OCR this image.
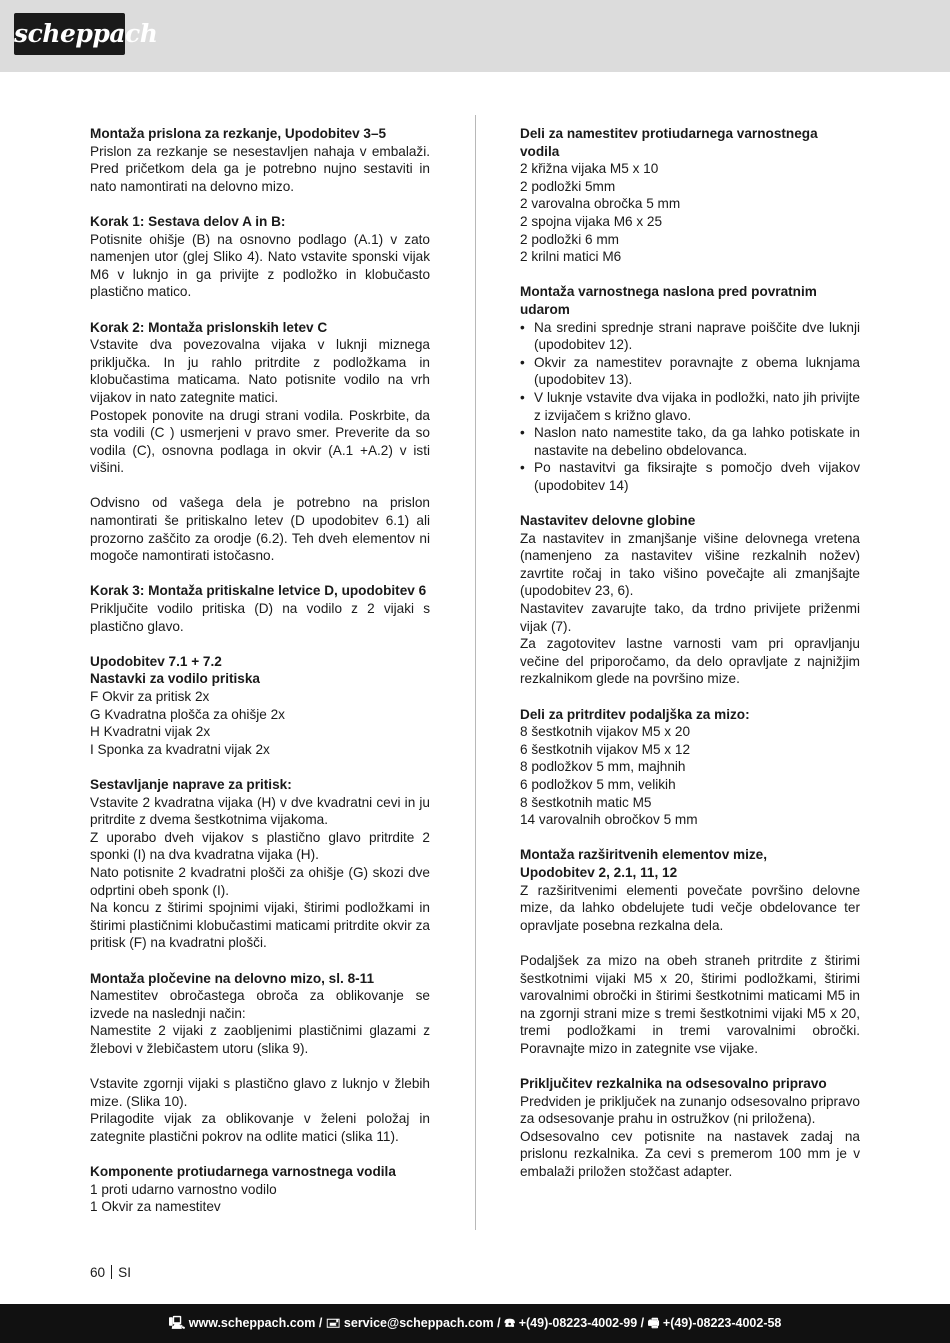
scheppach
Montaža prislona za rezkanje, Upodobitev 3–5

Prislon za rezkanje se nesestavljen nahaja v embalaži. Pred pričetkom dela ga je potrebno nujno sestaviti in nato namontirati na delovno mizo.

Korak 1: Sestava delov A in B:

Potisnite ohišje (B) na osnovno podlago (A.1) v zato namenjen utor (glej Sliko 4). Nato vstavite sponski vijak M6 v luknjo in ga privijte z podložko in klobučasto plastično matico.

Korak 2: Montaža prislonskih letev C

Vstavite dva povezovalna vijaka v luknji miznega priključka. In ju rahlo pritrdite z podložkama in klobučastima maticama. Nato potisnite vodilo na vrh vijakov in nato zategnite matici.

Postopek ponovite na drugi strani vodila. Poskrbite, da sta vodili (C ) usmerjeni v pravo smer. Preverite da so vodila (C), osnovna podlaga in okvir (A.1 +A.2) v isti višini.

Odvisno od vašega dela je potrebno na prislon namontirati še pritiskalno letev (D upodobitev 6.1) ali prozorno zaščito za orodje (6.2). Teh dveh elementov ni mogoče namontirati istočasno.

Korak 3: Montaža pritiskalne letvice D, upodobitev 6

Priključite vodilo pritiska (D) na vodilo z 2 vijaki s plastično glavo.

Upodobitev 7.1 + 7.2
Nastavki za vodilo pritiska

F Okvir za pritisk 2x

G Kvadratna plošča za ohišje 2x

H Kvadratni vijak 2x

I Sponka za kvadratni vijak 2x

Sestavljanje naprave za pritisk:

Vstavite 2 kvadratna vijaka (H) v dve kvadratni cevi in ju pritrdite z dvema šestkotnima vijakoma.

Z uporabo dveh vijakov s plastično glavo pritrdite 2 sponki (I) na dva kvadratna vijaka (H).

Nato potisnite 2 kvadratni plošči za ohišje (G) skozi dve odprtini obeh sponk (I).

Na koncu z štirimi spojnimi vijaki, štirimi podložkami in štirimi plastičnimi klobučastimi maticami pritrdite okvir za pritisk (F) na kvadratni plošči.

Montaža pločevine na delovno mizo, sl. 8-11

Namestitev obročastega obroča za oblikovanje se izvede na naslednji način:

Namestite 2 vijaki z zaobljenimi plastičnimi glazami z žlebovi v žlebičastem utoru (slika 9).

Vstavite zgornji vijaki s plastično glavo z luknjo v žlebih mize. (Slika 10).

Prilagodite vijak za oblikovanje v želeni položaj in zategnite plastični pokrov na odlite matici (slika 11).

Komponente protiudarnega varnostnega vodila

1 proti udarno varnostno vodilo

1 Okvir za namestitev

Deli za namestitev protiudarnega varnostnega vodila

2 křižna vijaka M5 x 10

2 podložki 5mm

2 varovalna obročka 5 mm

2 spojna vijaka M6 x 25

2 podložki 6 mm

2 krilni matici M6

Montaža varnostnega naslona pred povratnim udarom
• Na sredini sprednje strani naprave poiščite dve luknji (upodobitev 12).
• Okvir za namestitev poravnajte z obema luknjama (upodobitev 13).
• V luknje vstavite dva vijaka in podložki, nato jih privijte z izvijačem s križno glavo.
• Naslon nato namestite tako, da ga lahko potiskate in nastavite na debelino obdelovanca.
• Po nastavitvi ga fiksirajte s pomočjo dveh vijakov (upodobitev 14)
Nastavitev delovne globine

Za nastavitev in zmanjšanje višine delovnega vretena (namenjeno za nastavitev višine rezkalnih nožev) zavrtite ročaj in tako višino povečajte ali zmanjšajte (upodobitev 23, 6).

Nastavitev zavarujte tako, da trdno privijete priženmi vijak (7).

Za zagotovitev lastne varnosti vam pri opravljanju večine del priporočamo, da delo opravljate z najnižjim rezkalnikom glede na površino mize.

Deli za pritrditev podaljška za mizo:

8 šestkotnih vijakov M5 x 20

6 šestkotnih vijakov M5 x 12

8 podložkov 5 mm, majhnih

6 podložkov 5 mm, velikih

8 šestkotnih matic M5

14 varovalnih obročkov 5 mm

Montaža razširitvenih elementov mize,
Upodobitev 2, 2.1, 11, 12

Z razširitvenimi elementi povečate površino delovne mize, da lahko obdelujete tudi večje obdelovance ter opravljate posebna rezkalna dela.

Podaljšek za mizo na obeh straneh pritrdite z štirimi šestkotnimi vijaki M5 x 20, štirimi podložkami, štirimi varovalnimi obročki in štirimi šestkotnimi maticami M5 in na zgornji strani mize s tremi šestkotnimi vijaki M5 x 20, tremi podložkami in tremi varovalnimi obročki. Poravnajte mizo in zategnite vse vijake.

Priključitev rezkalnika na odsesovalno pripravo

Predviden je priključek na zunanjo odsesovalno pripravo za odsesovanje prahu in ostružkov (ni priložena).

Odsesovalno cev potisnite na nastavek zadaj na prislonu rezkalnika. Za cevi s premerom 100 mm je v embalaži priložen stožčast adapter.

60 SI
🖳 www.scheppach.com / 🖃 service@scheppach.com / ☎ +(49)-08223-4002-99 / 🖷 +(49)-08223-4002-58
